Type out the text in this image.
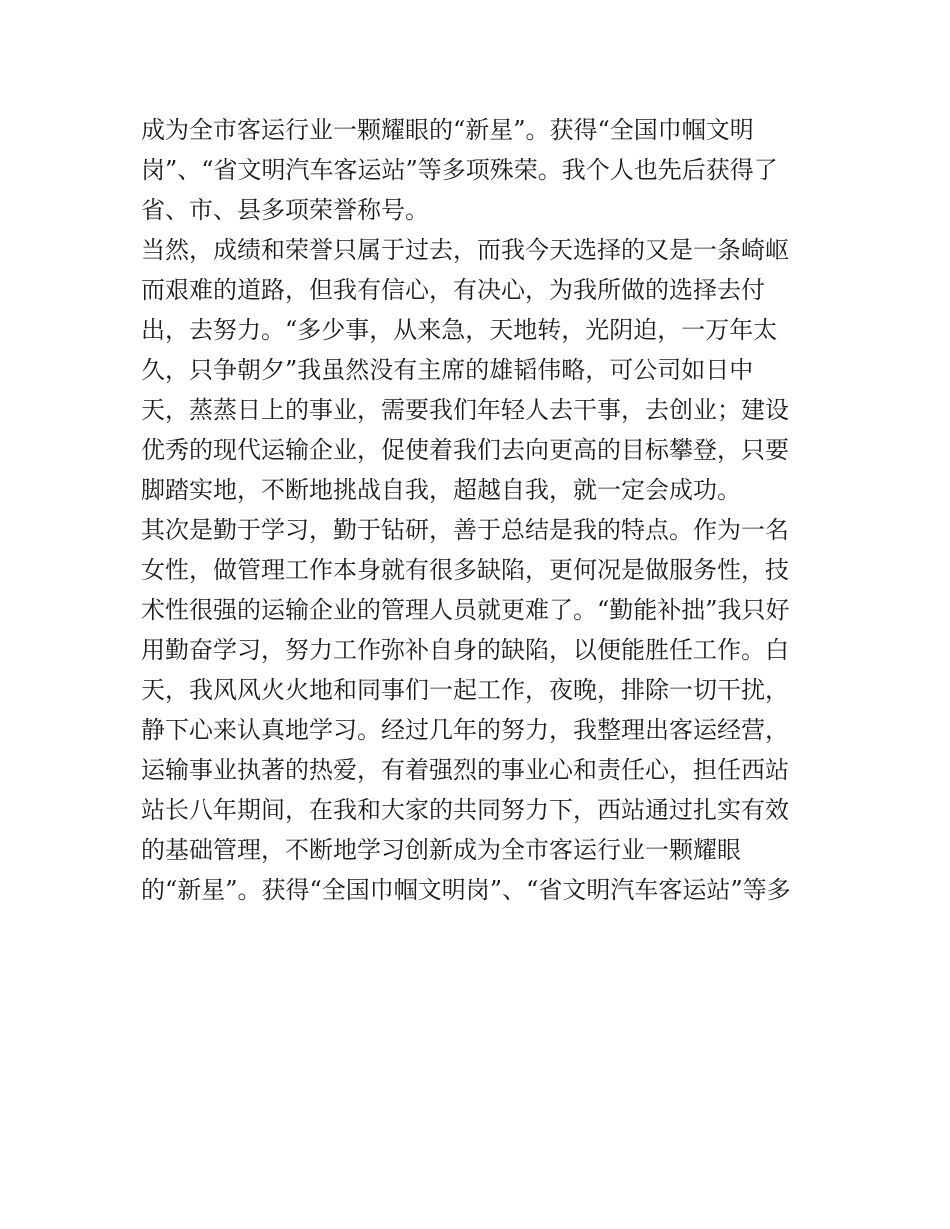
成为全市客运行业一颗耀眼的“新星”。获得“全国巾帼文明

岗”、“省文明汽车客运站”等多项殊荣。我个人也先后获得了

省、市、县多项荣誉称号。

当然，成绩和荣誉只属于过去，而我今天选择的又是一条崎岖

而艰难的道路，但我有信心，有决心，为我所做的选择去付

出，去努力。“多少事，从来急，天地转，光阴迫，一万年太

久，只争朝夕”我虽然没有主席的雄韬伟略，可公司如日中

天，蒸蒸日上的事业，需要我们年轻人去干事，去创业；建设

优秀的现代运输企业，促使着我们去向更高的目标攀登，只要

脚踏实地，不断地挑战自我，超越自我，就一定会成功。

其次是勤于学习，勤于钻研，善于总结是我的特点。作为一名

女性，做管理工作本身就有很多缺陷，更何况是做服务性，技

术性很强的运输企业的管理人员就更难了。“勤能补拙”我只好

用勤奋学习，努力工作弥补自身的缺陷，以便能胜任工作。白

天，我风风火火地和同事们一起工作，夜晚，排除一切干扰，

静下心来认真地学习。经过几年的努力，我整理出客运经营，

运输事业执著的热爱，有着强烈的事业心和责任心，担任西站

站长八年期间，在我和大家的共同努力下，西站通过扎实有效

的基础管理，不断地学习创新成为全市客运行业一颗耀眼

的“新星”。获得“全国巾帼文明岗”、“省文明汽车客运站”等多
